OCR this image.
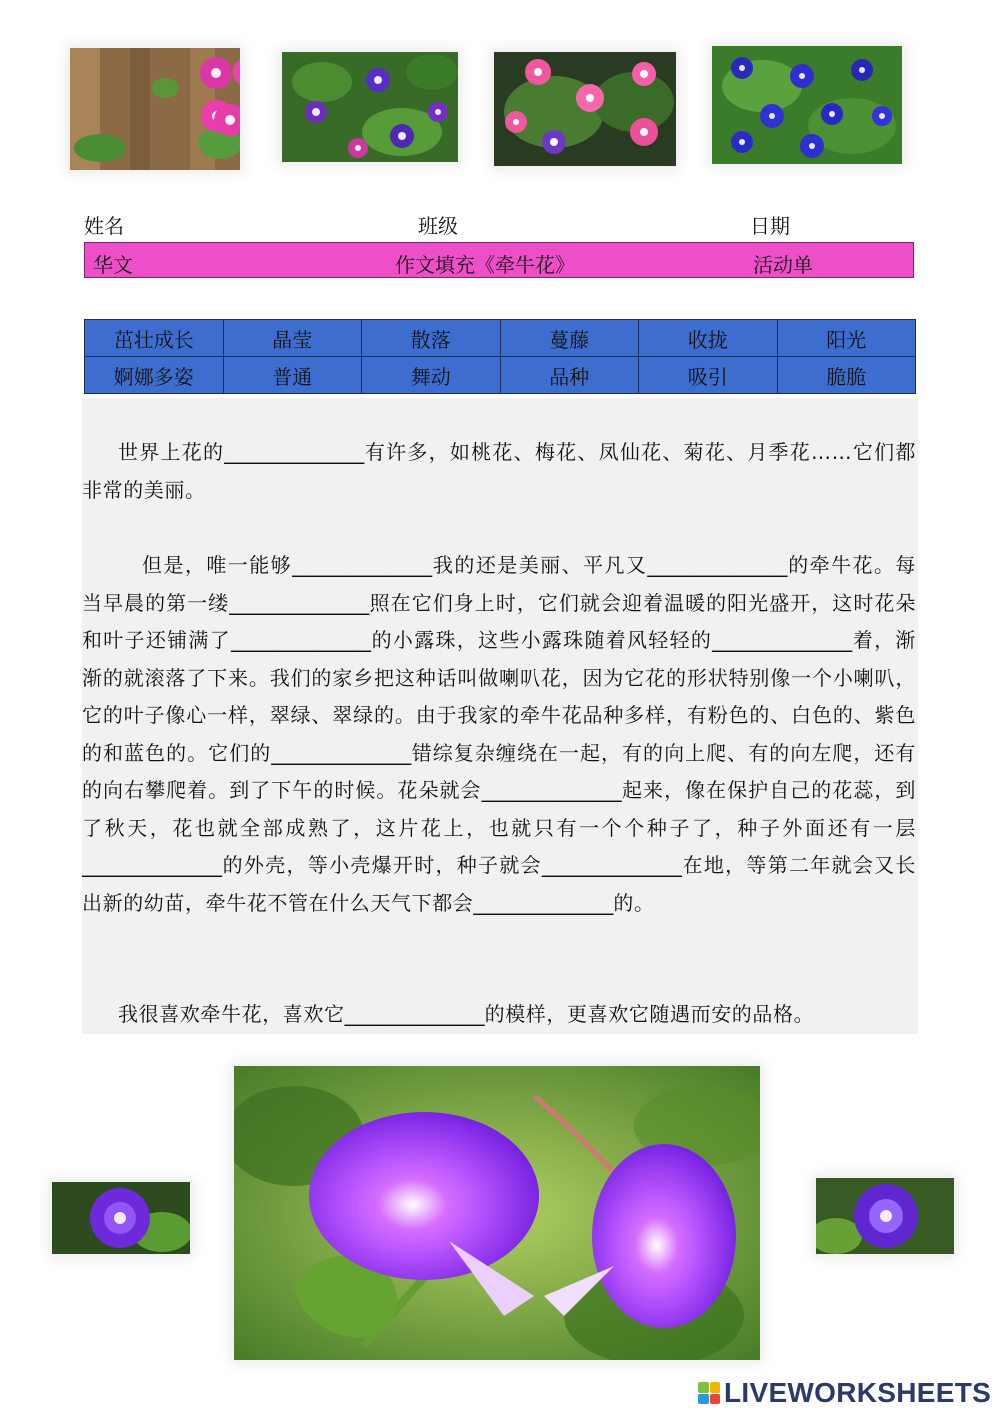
姓名	班级	日期
华文	作文填充《牵牛花》	活动单
茁壮成长	晶莹	散落	蔓藤	收拢	阳光
婀娜多姿	普通	舞动	品种	吸引	脆脆

世界上花的______________有许多，如桃花、梅花、凤仙花、菊花、月季花……它们都非常的美丽。

但是，唯一能够______________我的还是美丽、平凡又______________的牵牛花。每当早晨的第一缕______________照在它们身上时，它们就会迎着温暖的阳光盛开，这时花朵和叶子还铺满了______________的小露珠，这些小露珠随着风轻轻的______________着，渐渐的就滚落了下来。我们的家乡把这种话叫做喇叭花，因为它花的形状特别像一个小喇叭，它的叶子像心一样，翠绿、翠绿的。由于我家的牵牛花品种多样，有粉色的、白色的、紫色的和蓝色的。它们的______________错综复杂缠绕在一起，有的向上爬、有的向左爬，还有的向右攀爬着。到了下午的时候。花朵就会______________起来，像在保护自己的花蕊，到了秋天，花也就全部成熟了，这片花上，也就只有一个个种子了，种子外面还有一层______________的外壳，等小壳爆开时，种子就会______________在地，等第二年就会又长出新的幼苗，牵牛花不管在什么天气下都会______________的。

我很喜欢牵牛花，喜欢它______________的模样，更喜欢它随遇而安的品格。

LIVEWORKSHEETS
